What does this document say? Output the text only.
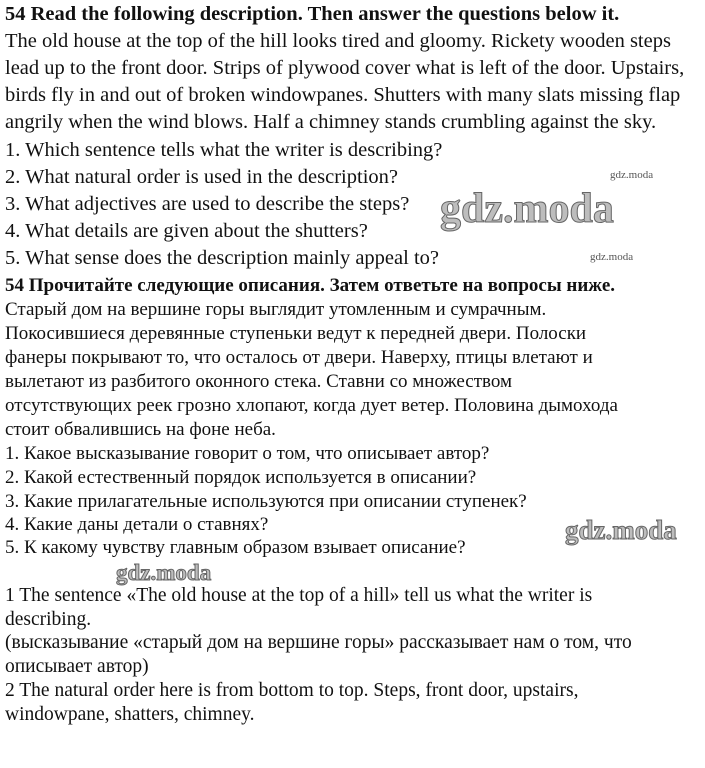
54 Read the following description. Then answer the questions below it.
The old house at the top of the hill looks tired and gloomy. Rickety wooden steps
lead up to the front door. Strips of plywood cover what is left of the door. Upstairs,
birds fly in and out of broken windowpanes. Shutters with many slats missing flap
angrily when the wind blows. Half a chimney stands crumbling against the sky.
1. Which sentence tells what the writer is describing?
2. What natural order is used in the description?
3. What adjectives are used to describe the steps?
4. What details are given about the shutters?
5. What sense does the description mainly appeal to?
54 Прочитайте следующие описания. Затем ответьте на вопросы ниже.
Старый дом на вершине горы выглядит утомленным и сумрачным.
Покосившиеся деревянные ступеньки ведут к передней двери. Полоски
фанеры покрывают то, что осталось от двери. Наверху, птицы влетают и
вылетают из разбитого оконного стека. Ставни со множеством
отсутствующих реек грозно хлопают, когда дует ветер. Половина дымохода
стоит обвалившись на фоне неба.
1. Какое высказывание говорит о том, что описывает автор?
2. Какой естественный порядок используется в описании?
3. Какие прилагательные используются при описании ступенек?
4. Какие даны детали о ставнях?
5. К какому чувству главным образом взывает описание?
1 The sentence «The old house at the top of a hill» tell us what the writer is
describing.
(высказывание «старый дом на вершине горы» рассказывает нам о том, что
описывает автор)
2 The natural order here is from bottom to top. Steps, front door, upstairs,
windowpane, shatters, chimney.
gdz.moda
gdz.moda
gdz.moda
gdz.moda
gdz.moda
